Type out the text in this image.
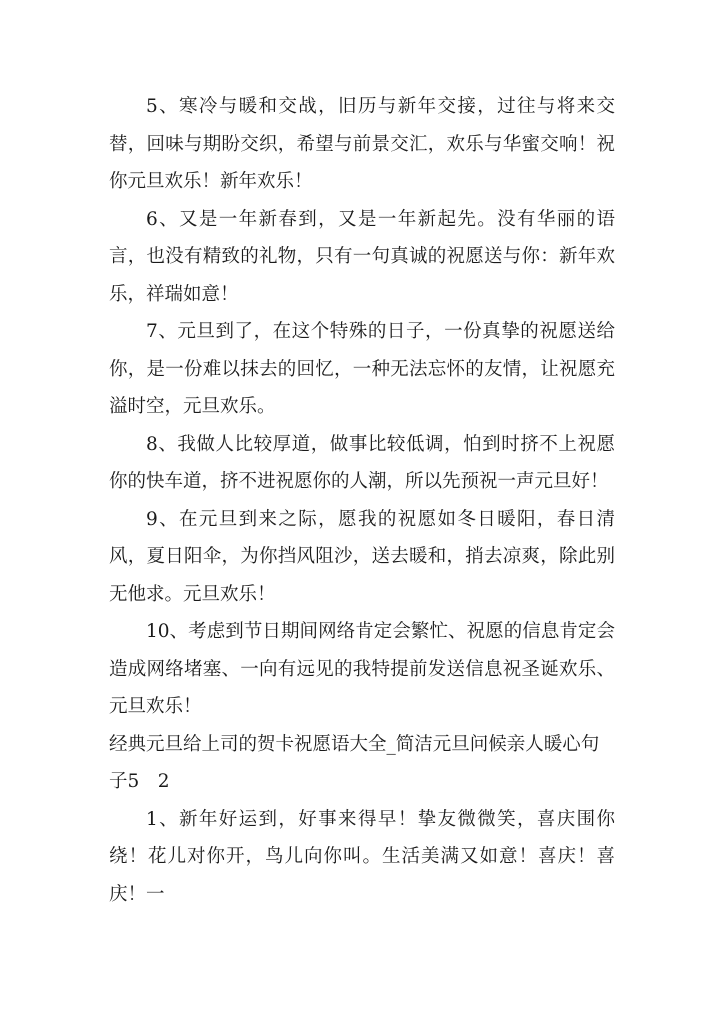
5、寒冷与暖和交战，旧历与新年交接，过往与将来交替，回味与期盼交织，希望与前景交汇，欢乐与华蜜交响！祝你元旦欢乐！新年欢乐！

6、又是一年新春到，又是一年新起先。没有华丽的语言，也没有精致的礼物，只有一句真诚的祝愿送与你：新年欢乐，祥瑞如意！

7、元旦到了，在这个特殊的日子，一份真挚的祝愿送给你，是一份难以抹去的回忆，一种无法忘怀的友情，让祝愿充溢时空，元旦欢乐。

8、我做人比较厚道，做事比较低调，怕到时挤不上祝愿你的快车道，挤不进祝愿你的人潮，所以先预祝一声元旦好！

9、在元旦到来之际，愿我的祝愿如冬日暖阳，春日清风，夏日阳伞，为你挡风阻沙，送去暖和，捎去凉爽，除此别无他求。元旦欢乐！

10、考虑到节日期间网络肯定会繁忙、祝愿的信息肯定会造成网络堵塞、一向有远见的我特提前发送信息祝圣诞欢乐、元旦欢乐！

经典元旦给上司的贺卡祝愿语大全_简洁元旦问候亲人暖心句子5　2

1、新年好运到，好事来得早！挚友微微笑，喜庆围你绕！花儿对你开，鸟儿向你叫。生活美满又如意！喜庆！喜庆！一
